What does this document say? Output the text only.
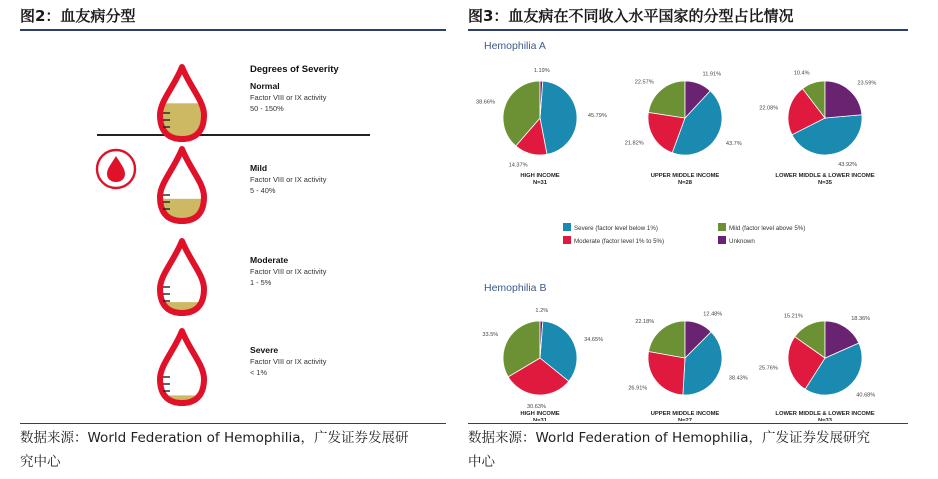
图2：血友病分型
Degrees of Severity
Normal
Factor VIII or IX activity
50 - 150%
Mild
Factor VIII or IX activity
5 - 40%
Moderate
Factor VIII or IX activity
1 - 5%
Severe
Factor VIII or IX activity
< 1%
数据来源：World Federation of Hemophilia，广发证券发展研
究中心
图3：血友病在不同收入水平国家的分型占比情况
Hemophilia A
Hemophilia B
Severe (factor level below 1%)	Mild (factor level above 5%)
Moderate (factor level 1% to 5%)	Unknown
45.79%
14.37%
38.66%
1.19%
HIGH INCOME
N=31
43.7%
21.82%
22.57%
11.91%
UPPER MIDDLE INCOME
N=28
43.92%
22.08%
10.4%
23.59%
LOWER MIDDLE & LOWER INCOME
N=35
34.65%
30.63%
33.5%
1.2%
HIGH INCOME
N=31
38.43%
26.91%
22.18%
12.48%
UPPER MIDDLE INCOME
N=27
40.68%
25.76%
15.21%	18.36%
LOWER MIDDLE & LOWER INCOME
N=33
数据来源：World Federation of Hemophilia，广发证券发展研究
中心
